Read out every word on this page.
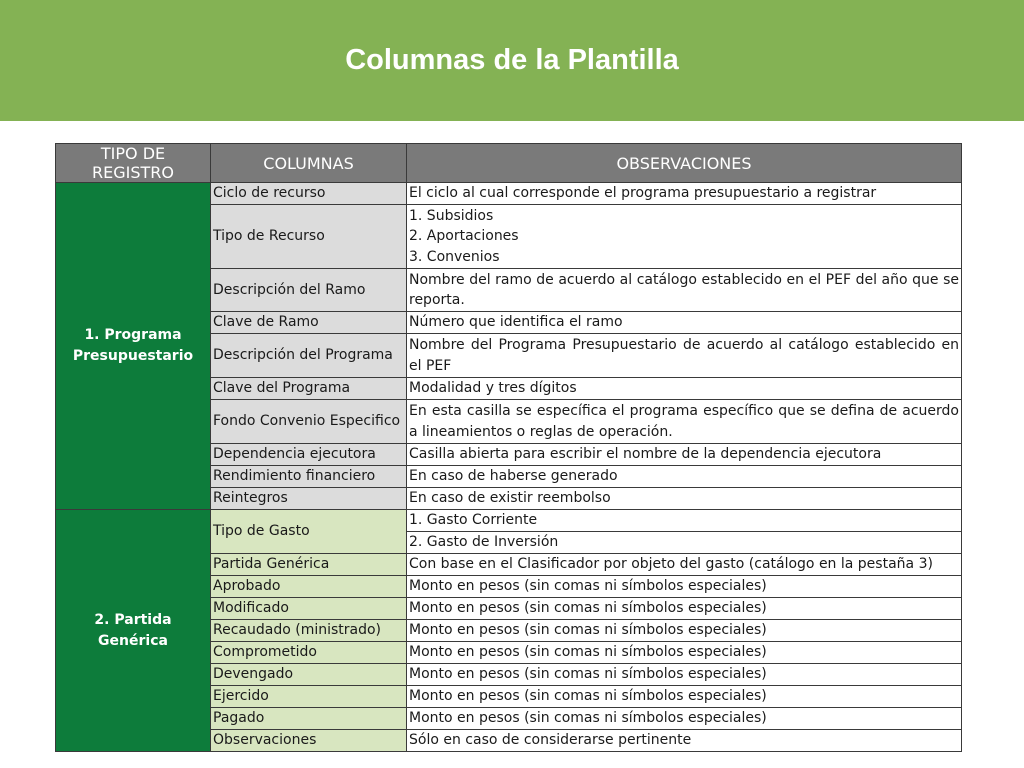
Columnas de la Plantilla
TIPO DE REGISTRO	COLUMNAS	OBSERVACIONES

1. Programa
Presupuestario	Ciclo de recurso	El ciclo al cual corresponde el programa presupuestario a registrar
	Tipo de Recurso	1. Subsidios
2. Aportaciones
3. Convenios

	Descripción del Ramo	Nombre del ramo de acuerdo al catálogo establecido en el PEF del año que se reporta.
	Clave de Ramo	Número que identifica el ramo
	Descripción del Programa	Nombre del Programa Presupuestario de acuerdo al catálogo establecido en el PEF
	Clave del Programa	Modalidad y tres dígitos
	Fondo Convenio Especifico	En esta casilla se específica el programa específico que se defina de acuerdo a lineamientos o reglas de operación.
	Dependencia ejecutora	Casilla abierta para escribir el nombre de la dependencia ejecutora
	Rendimiento financiero	En caso de haberse generado
	Reintegros	En caso de existir reembolso
2. Partida Genérica	Tipo de Gasto	1. Gasto Corriente
		2. Gasto de Inversión
	Partida Genérica	Con base en el Clasificador por objeto del gasto (catálogo en la pestaña 3)
	Aprobado	Monto en pesos (sin comas ni símbolos especiales)
	Modificado	Monto en pesos (sin comas ni símbolos especiales)
	Recaudado (ministrado)	Monto en pesos (sin comas ni símbolos especiales)
	Comprometido	Monto en pesos (sin comas ni símbolos especiales)
	Devengado	Monto en pesos (sin comas ni símbolos especiales)
	Ejercido	Monto en pesos (sin comas ni símbolos especiales)
	Pagado	Monto en pesos (sin comas ni símbolos especiales)
	Observaciones	Sólo en caso de considerarse pertinente
